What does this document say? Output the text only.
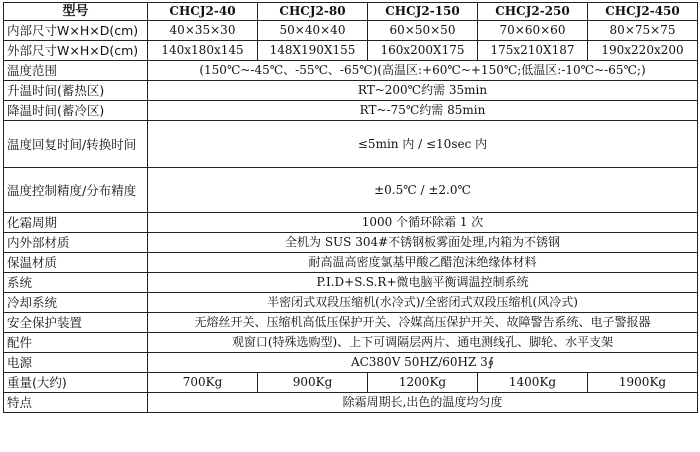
型号	CHCJ2-40	CHCJ2-80	CHCJ2-150	CHCJ2-250	CHCJ2-450
内部尺寸W×H×D(cm)	40×35×30	50×40×40	60×50×50	70×60×60	80×75×75
外部尺寸W×H×D(cm)	140x180x145	148X190X155	160x200X175	175x210X187	190x220x200
温度范围	(150℃~-45℃、-55℃、-65℃)(高温区:+60℃~+150℃;低温区:-10℃~-65℃;)				
升温时间(蓄热区)	RT~200℃约需 35min				
降温时间(蓄冷区)	RT~-75℃约需 85min				
温度回复时间/转换时间	≤5min 内 / ≤10sec 内				
温度控制精度/分布精度	±0.5℃ / ±2.0℃				
化霜周期	1000 个循环除霜 1 次				
内外部材质	全机为 SUS 304#不锈钢板雾面处理,内箱为不锈钢				
保温材质	耐高温高密度氯基甲酸乙醋泡沫绝缘体材料				
系统	P.I.D+S.S.R+微电脑平衡调温控制系统				
冷却系统	半密闭式双段压缩机(水冷式)/全密闭式双段压缩机(风冷式)				
安全保护装置	无熔丝开关、压缩机高低压保护开关、冷媒高压保护开关、故障警告系统、电子警报器				
配件	观窗口(特殊选购型)、上下可调隔层两片、通电测线孔、脚轮、水平支架				
电源	AC380V 50HZ/60HZ 3∮				
重量(大约)	700Kg	900Kg	1200Kg	1400Kg	1900Kg
特点	除霜周期长,出色的温度均匀度				
